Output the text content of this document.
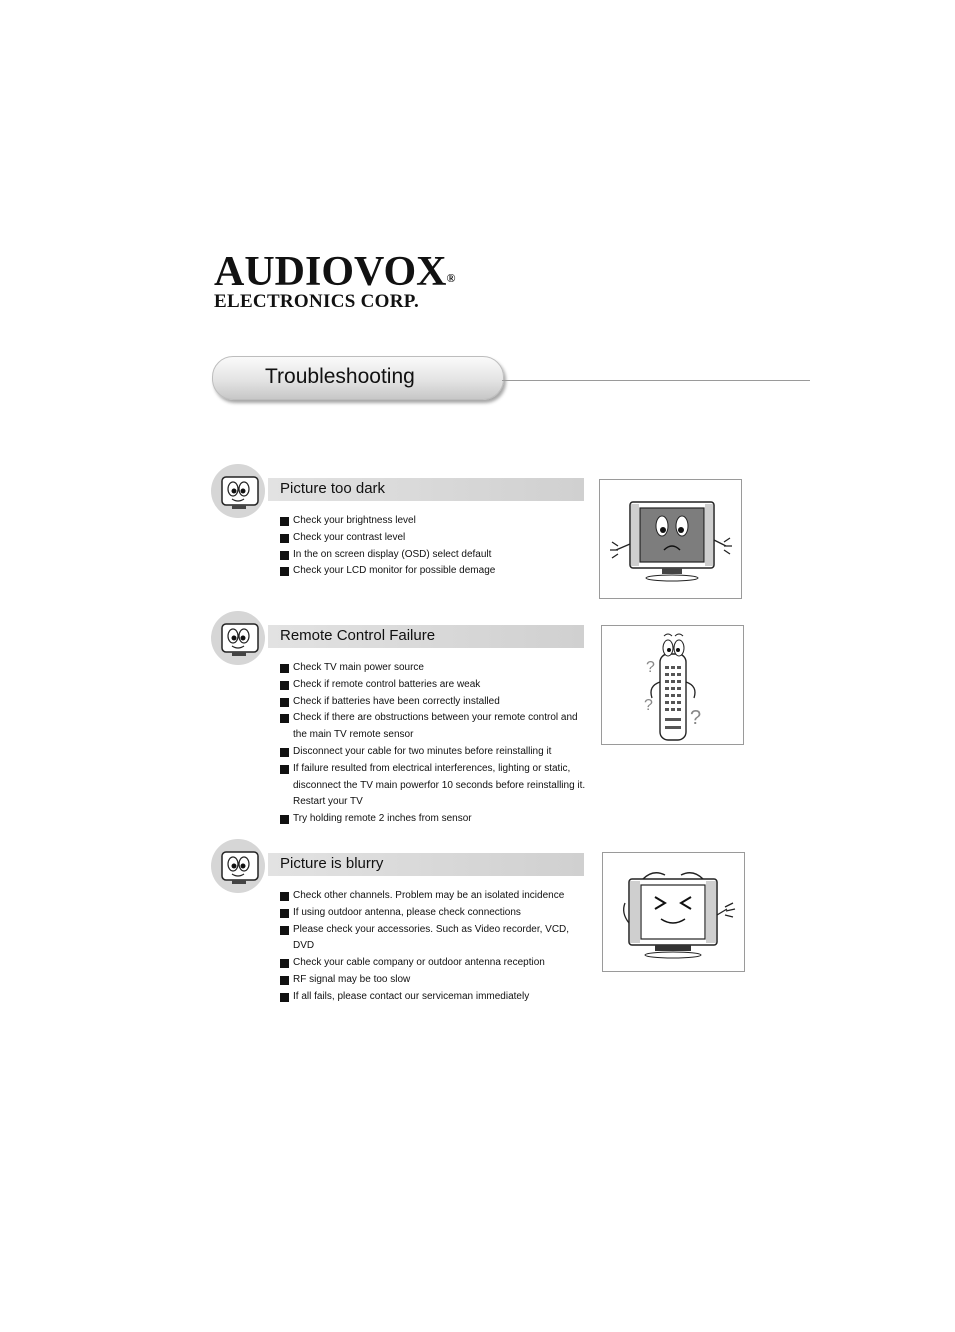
AUDIOVOX®
ELECTRONICS CORP.
Troubleshooting
Picture too dark
Check your brightness level
Check your contrast level
In the on screen display (OSD) select default
Check your LCD monitor for possible demage
Remote Control Failure
Check TV main power source
Check if remote control batteries are weak
Check if batteries have been correctly installed
Check if there are obstructions between your remote control and the main TV remote sensor
Disconnect your cable for two minutes before reinstalling it
If failure resulted from electrical interferences, lighting or static, disconnect the TV main powerfor 10 seconds before reinstalling it. Restart your TV
Try holding remote 2 inches from sensor
?
?
?
Picture is blurry
Check other channels. Problem may be an isolated incidence
If using outdoor antenna, please check connections
Please check your accessories. Such as Video recorder, VCD, DVD
Check your cable company or outdoor antenna reception
RF signal may be too slow
If all fails, please contact our serviceman immediately
